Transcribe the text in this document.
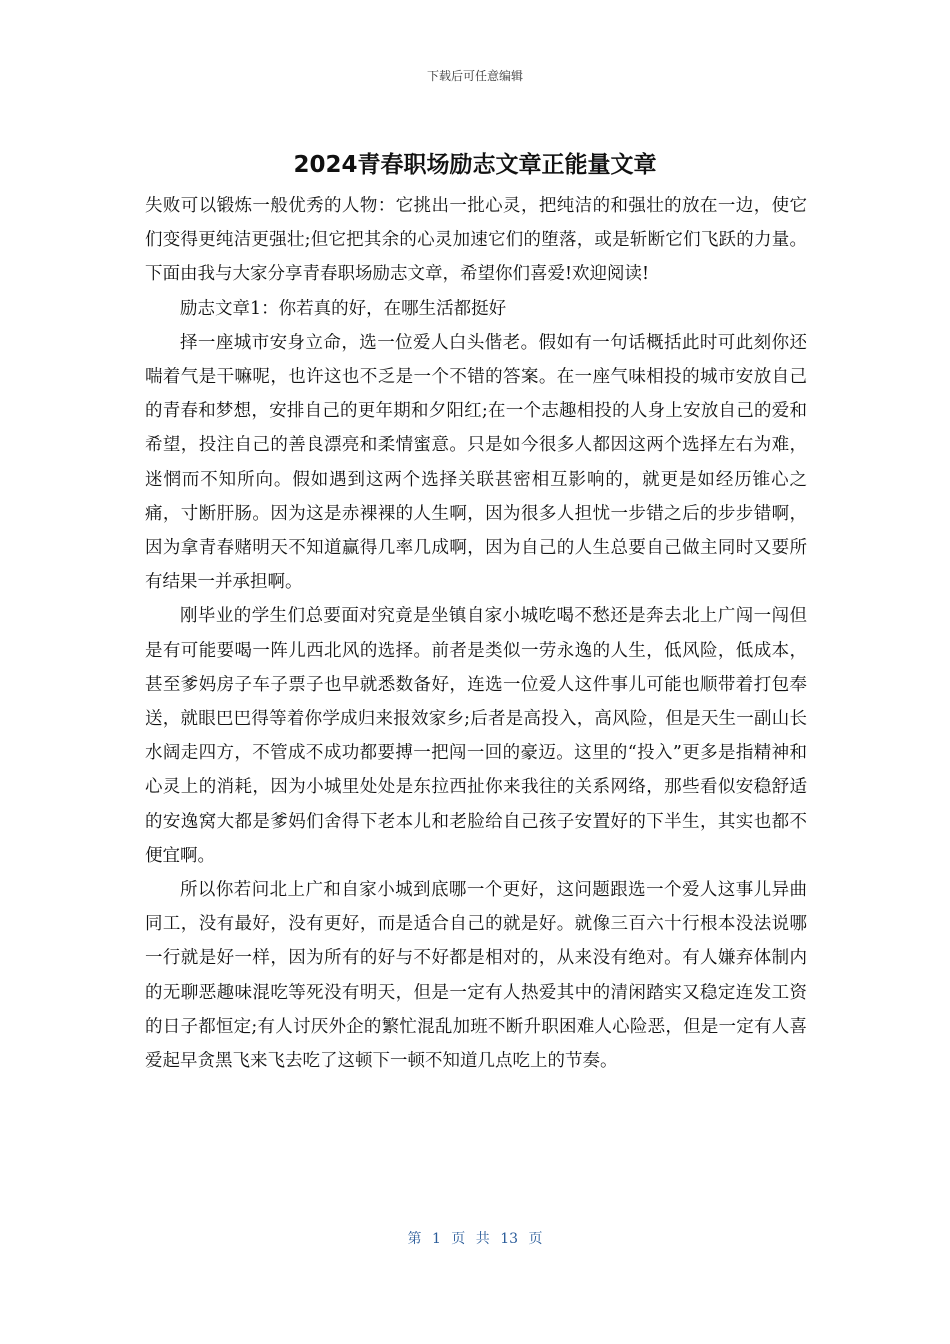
下载后可任意编辑
2024青春职场励志文章正能量文章

失败可以锻炼一般优秀的人物：它挑出一批心灵，把纯洁的和强壮的放在一边，使它们变得更纯洁更强壮;但它把其余的心灵加速它们的堕落，或是斩断它们飞跃的力量。下面由我与大家分享青春职场励志文章，希望你们喜爱!欢迎阅读!

励志文章1：你若真的好，在哪生活都挺好

择一座城市安身立命，选一位爱人白头偕老。假如有一句话概括此时可此刻你还喘着气是干嘛呢，也许这也不乏是一个不错的答案。在一座气味相投的城市安放自己的青春和梦想，安排自己的更年期和夕阳红;在一个志趣相投的人身上安放自己的爱和希望，投注自己的善良漂亮和柔情蜜意。只是如今很多人都因这两个选择左右为难，迷惘而不知所向。假如遇到这两个选择关联甚密相互影响的，就更是如经历锥心之痛，寸断肝肠。因为这是赤裸裸的人生啊，因为很多人担忧一步错之后的步步错啊，因为拿青春赌明天不知道赢得几率几成啊，因为自己的人生总要自己做主同时又要所有结果一并承担啊。

刚毕业的学生们总要面对究竟是坐镇自家小城吃喝不愁还是奔去北上广闯一闯但是有可能要喝一阵儿西北风的选择。前者是类似一劳永逸的人生，低风险，低成本，甚至爹妈房子车子票子也早就悉数备好，连选一位爱人这件事儿可能也顺带着打包奉送，就眼巴巴得等着你学成归来报效家乡;后者是高投入，高风险，但是天生一副山长水阔走四方，不管成不成功都要搏一把闯一回的豪迈。这里的“投入”更多是指精神和心灵上的消耗，因为小城里处处是东拉西扯你来我往的关系网络，那些看似安稳舒适的安逸窝大都是爹妈们舍得下老本儿和老脸给自己孩子安置好的下半生，其实也都不便宜啊。

所以你若问北上广和自家小城到底哪一个更好，这问题跟选一个爱人这事儿异曲同工，没有最好，没有更好，而是适合自己的就是好。就像三百六十行根本没法说哪一行就是好一样，因为所有的好与不好都是相对的，从来没有绝对。有人嫌弃体制内的无聊恶趣味混吃等死没有明天，但是一定有人热爱其中的清闲踏实又稳定连发工资的日子都恒定;有人讨厌外企的繁忙混乱加班不断升职困难人心险恶，但是一定有人喜爱起早贪黑飞来飞去吃了这顿下一顿不知道几点吃上的节奏。

第 1 页 共 13 页
